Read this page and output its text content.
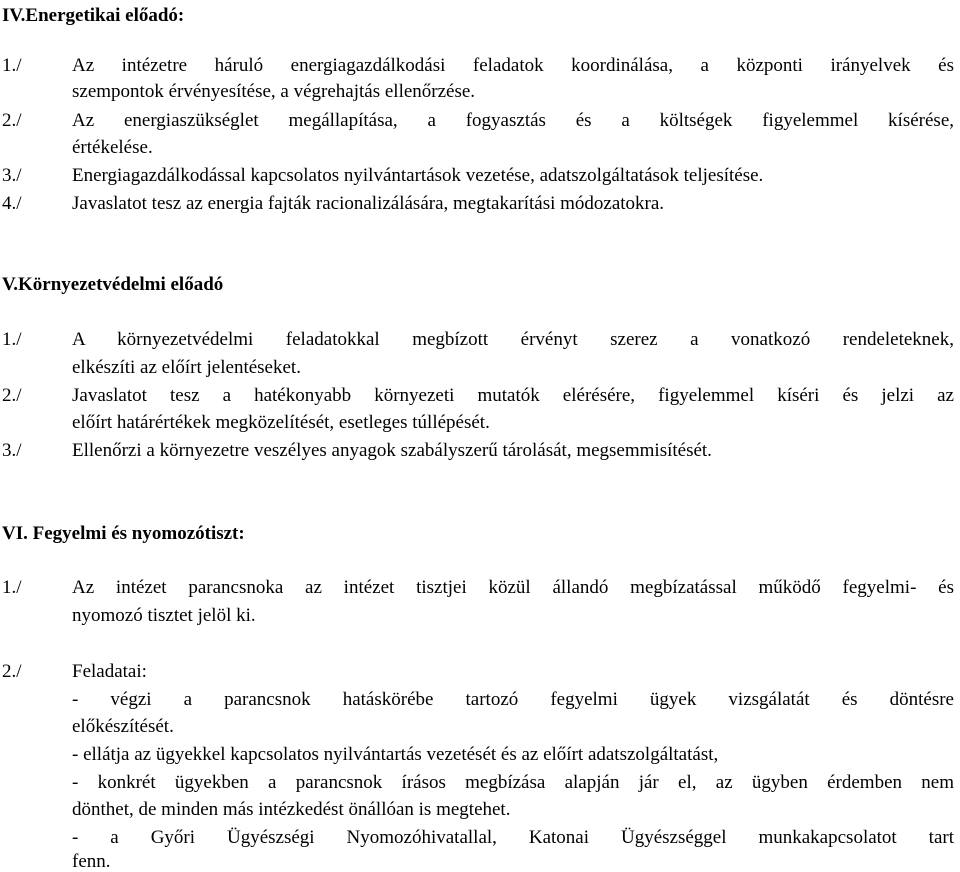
IV.Energetikai előadó:
1./	Az intézetre háruló energiagazdálkodási feladatok koordinálása, a központi irányelvek és
szempontok érvényesítése, a végrehajtás ellenőrzése.
2./	Az energiaszükséglet megállapítása, a fogyasztás és a költségek figyelemmel kísérése,
értékelése.
3./	Energiagazdálkodással kapcsolatos nyilvántartások vezetése, adatszolgáltatások teljesítése.
4./	Javaslatot tesz az energia fajták racionalizálására, megtakarítási módozatokra.
V.Környezetvédelmi előadó
1./	A környezetvédelmi feladatokkal megbízott érvényt szerez a vonatkozó rendeleteknek,
elkészíti az előírt jelentéseket.
2./	Javaslatot tesz a hatékonyabb környezeti mutatók elérésére, figyelemmel kíséri és jelzi az
előírt határértékek megközelítését, esetleges túllépését.
3./	Ellenőrzi a környezetre veszélyes anyagok szabályszerű tárolását, megsemmisítését.
VI. Fegyelmi és nyomozótiszt:
1./	Az intézet parancsnoka az intézet tisztjei közül állandó megbízatással működő fegyelmi- és
nyomozó tisztet jelöl ki.
2./	Feladatai:
- végzi a parancsnok hatáskörébe tartozó fegyelmi ügyek vizsgálatát és döntésre
előkészítését.
- ellátja az ügyekkel kapcsolatos nyilvántartás vezetését és az előírt adatszolgáltatást,
- konkrét ügyekben a parancsnok írásos megbízása alapján jár el, az ügyben érdemben nem
dönthet, de minden más intézkedést önállóan is megtehet.
- a Győri Ügyészségi Nyomozóhivatallal, Katonai Ügyészséggel munkakapcsolatot tart
fenn.
